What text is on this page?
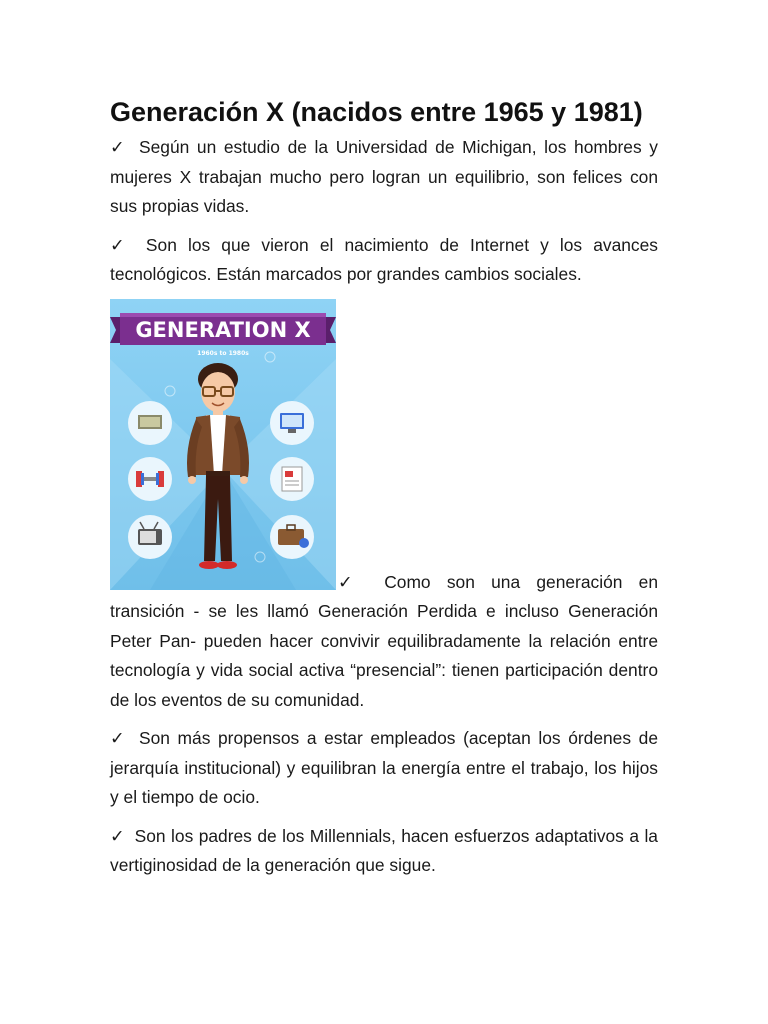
Generación X (nacidos entre 1965 y 1981)

✓ Según un estudio de la Universidad de Michigan, los hombres y mujeres X trabajan mucho pero logran un equilibrio, son felices con sus propias vidas.

✓ Son los que vieron el nacimiento de Internet y los avances tecnológicos. Están marcados por grandes cambios sociales.

GENERATION X
1960s to 1980s

✓ Como son una generación en transición - se les llamó Generación Perdida e incluso Generación Peter Pan- pueden hacer convivir equilibradamente la relación entre tecnología y vida social activa “presencial”: tienen participación dentro de los eventos de su comunidad.

✓ Son más propensos a estar empleados (aceptan los órdenes de jerarquía institucional) y equilibran la energía entre el trabajo, los hijos y el tiempo de ocio.

✓ Son los padres de los Millennials, hacen esfuerzos adaptativos a la vertiginosidad de la generación que sigue.
